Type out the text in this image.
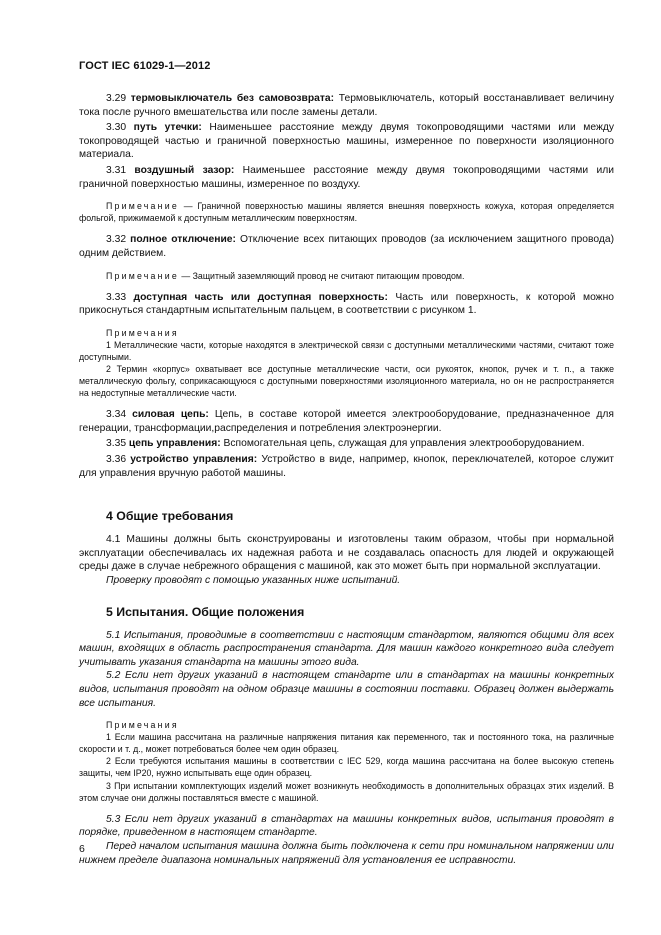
ГОСТ IEC 61029-1—2012

3.29 термовыключатель без самовозврата: Термовыключатель, который восстанавливает величину тока после ручного вмешательства или после замены детали.

3.30 путь утечки: Наименьшее расстояние между двумя токопроводящими частями или между токопроводящей частью и граничной поверхностью машины, измеренное по поверхности изоляционного материала.

3.31 воздушный зазор: Наименьшее расстояние между двумя токопроводящими частями или граничной поверхностью машины, измеренное по воздуху.

Примечание — Граничной поверхностью машины является внешняя поверхность кожуха, которая определяется фольгой, прижимаемой к доступным металлическим поверхностям.

3.32 полное отключение: Отключение всех питающих проводов (за исключением защитного провода) одним действием.

Примечание — Защитный заземляющий провод не считают питающим проводом.

3.33 доступная часть или доступная поверхность: Часть или поверхность, к которой можно прикоснуться стандартным испытательным пальцем, в соответствии с рисунком 1.

Примечания

1 Металлические части, которые находятся в электрической связи с доступными металлическими частями, считают тоже доступными.

2 Термин «корпус» охватывает все доступные металлические части, оси рукояток, кнопок, ручек и т. п., а также металлическую фольгу, соприкасающуюся с доступными поверхностями изоляционного материала, но он не распространяется на недоступные металлические части.

3.34 силовая цепь: Цепь, в составе которой имеется электрооборудование, предназначенное для генерации, трансформации,распределения и потребления электроэнергии.

3.35 цепь управления: Вспомогательная цепь, служащая для управления электрооборудованием.

3.36 устройство управления: Устройство в виде, например, кнопок, переключателей, которое служит для управления вручную работой машины.

4 Общие требования

4.1 Машины должны быть сконструированы и изготовлены таким образом, чтобы при нормальной эксплуатации обеспечивалась их надежная работа и не создавалась опасность для людей и окружающей среды даже в случае небрежного обращения с машиной, как это может быть при нормальной эксплуатации.

Проверку проводят с помощью указанных ниже испытаний.

5 Испытания. Общие положения

5.1 Испытания, проводимые в соответствии с настоящим стандартом, являются общими для всех машин, входящих в область распространения стандарта. Для машин каждого конкретного вида следует учитывать указания стандарта на машины этого вида.

5.2 Если нет других указаний в настоящем стандарте или в стандартах на машины конкретных видов, испытания проводят на одном образце машины в состоянии поставки. Образец должен выдержать все испытания.

Примечания

1 Если машина рассчитана на различные напряжения питания как переменного, так и постоянного тока, на различные скорости и т. д., может потребоваться более чем один образец.

2 Если требуются испытания машины в соответствии с IEC 529, когда машина рассчитана на более высокую степень защиты, чем IP20, нужно испытывать еще один образец.

3 При испытании комплектующих изделий может возникнуть необходимость в дополнительных образцах этих изделий. В этом случае они должны поставляться вместе с машиной.

5.3 Если нет других указаний в стандартах на машины конкретных видов, испытания проводят в порядке, приведенном в настоящем стандарте.

Перед началом испытания машина должна быть подключена к сети при номинальном напряжении или нижнем пределе диапазона номинальных напряжений для установления ее исправности.

6
